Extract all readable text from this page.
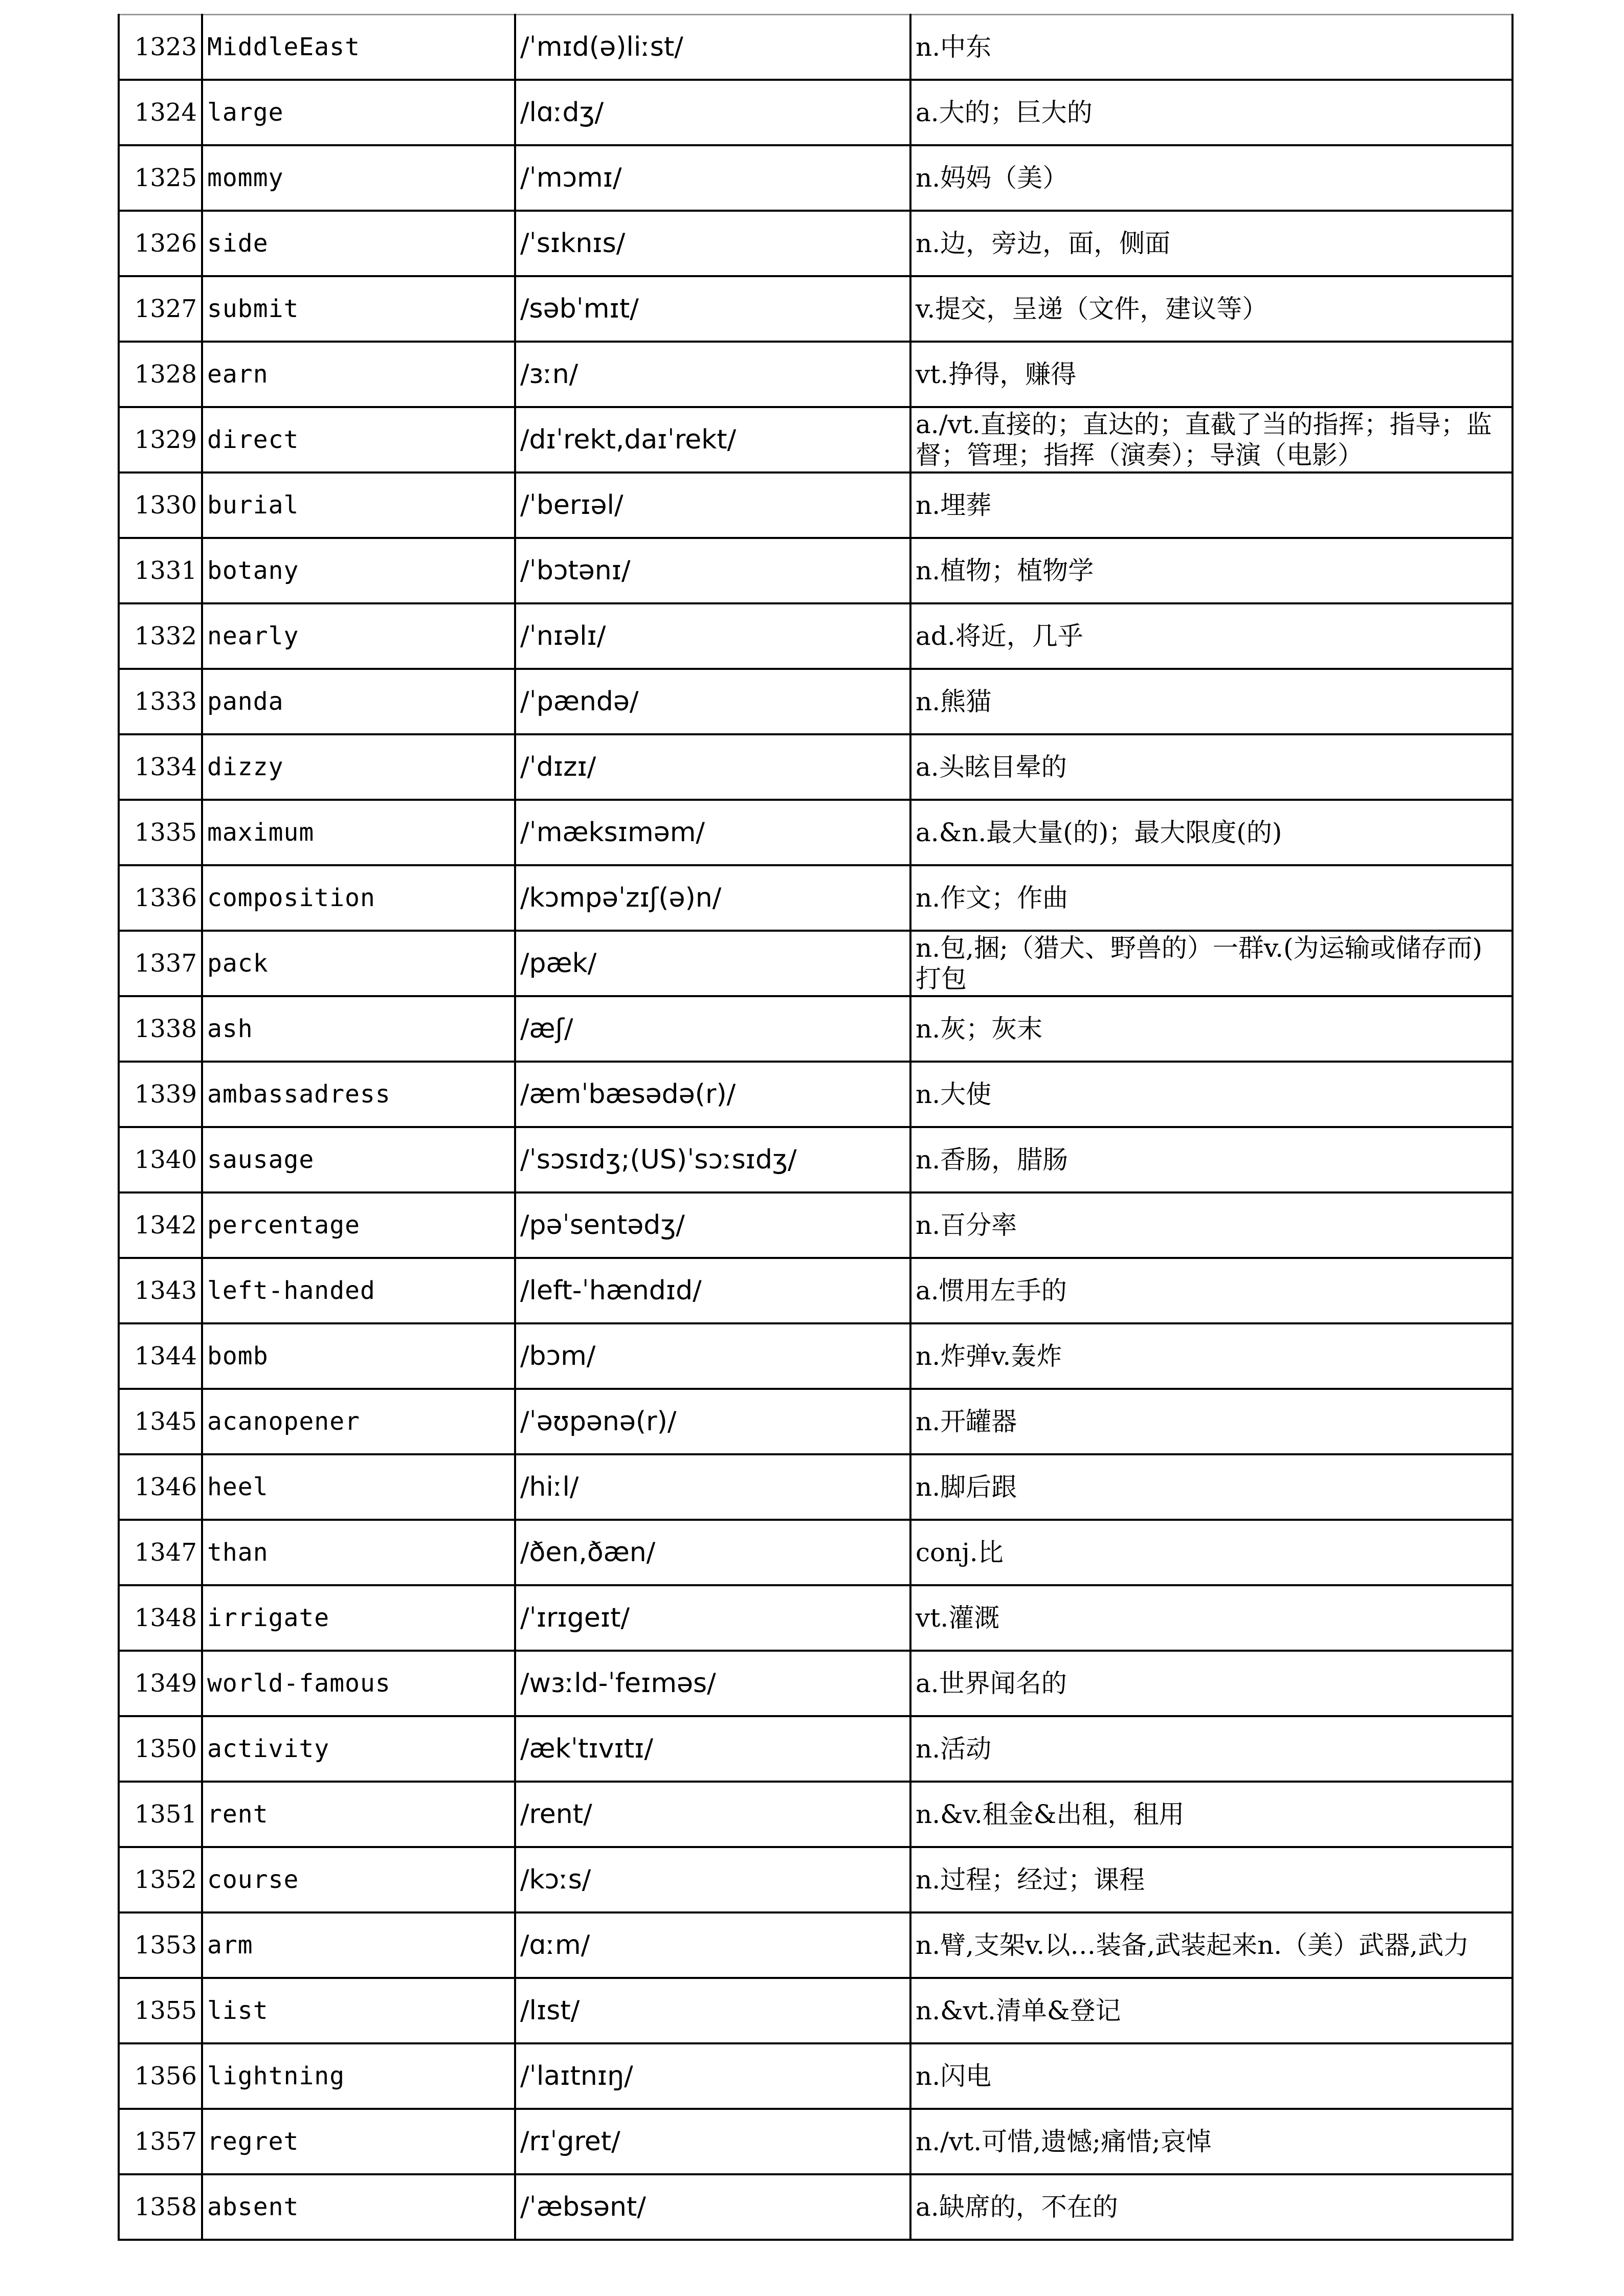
1323	MiddleEast	/ˈmɪd(ə)liːst/	n.中东
1324	large	/lɑːdʒ/	a.大的；巨大的
1325	mommy	/ˈmɔmɪ/	n.妈妈（美）
1326	side	/ˈsɪknɪs/	n.边，旁边，面，侧面
1327	submit	/səbˈmɪt/	v.提交，呈递（文件，建议等）
1328	earn	/ɜːn/	vt.挣得，赚得
1329	direct	/dɪˈrekt,daɪˈrekt/	a./vt.直接的；直达的；直截了当的指挥；指导；监督；管理；指挥（演奏）；导演（电影）
1330	burial	/ˈberɪəl/	n.埋葬
1331	botany	/ˈbɔtənɪ/	n.植物；植物学
1332	nearly	/ˈnɪəlɪ/	ad.将近，几乎
1333	panda	/ˈpændə/	n.熊猫
1334	dizzy	/ˈdɪzɪ/	a.头眩目晕的
1335	maximum	/ˈmæksɪməm/	a.&n.最大量(的)；最大限度(的)
1336	composition	/kɔmpəˈzɪʃ(ə)n/	n.作文；作曲
1337	pack	/pæk/	n.包,捆;（猎犬、野兽的）一群v.(为运输或储存而)打包
1338	ash	/æʃ/	n.灰；灰末
1339	ambassadress	/æmˈbæsədə(r)/	n.大使
1340	sausage	/ˈsɔsɪdʒ;(US)ˈsɔːsɪdʒ/	n.香肠，腊肠
1342	percentage	/pəˈsentədʒ/	n.百分率
1343	left-handed	/left-ˈhændɪd/	a.惯用左手的
1344	bomb	/bɔm/	n.炸弹v.轰炸
1345	acanopener	/ˈəʊpənə(r)/	n.开罐器
1346	heel	/hiːl/	n.脚后跟
1347	than	/ðen,ðæn/	conj.比
1348	irrigate	/ˈɪrɪgeɪt/	vt.灌溉
1349	world-famous	/wɜːld-ˈfeɪməs/	a.世界闻名的
1350	activity	/ækˈtɪvɪtɪ/	n.活动
1351	rent	/rent/	n.&v.租金&出租，租用
1352	course	/kɔːs/	n.过程；经过；课程
1353	arm	/ɑːm/	n.臂,支架v.以…装备,武装起来n.（美）武器,武力
1355	list	/lɪst/	n.&vt.清单&登记
1356	lightning	/ˈlaɪtnɪŋ/	n.闪电
1357	regret	/rɪˈgret/	n./vt.可惜,遗憾;痛惜;哀悼
1358	absent	/ˈæbsənt/	a.缺席的，不在的
